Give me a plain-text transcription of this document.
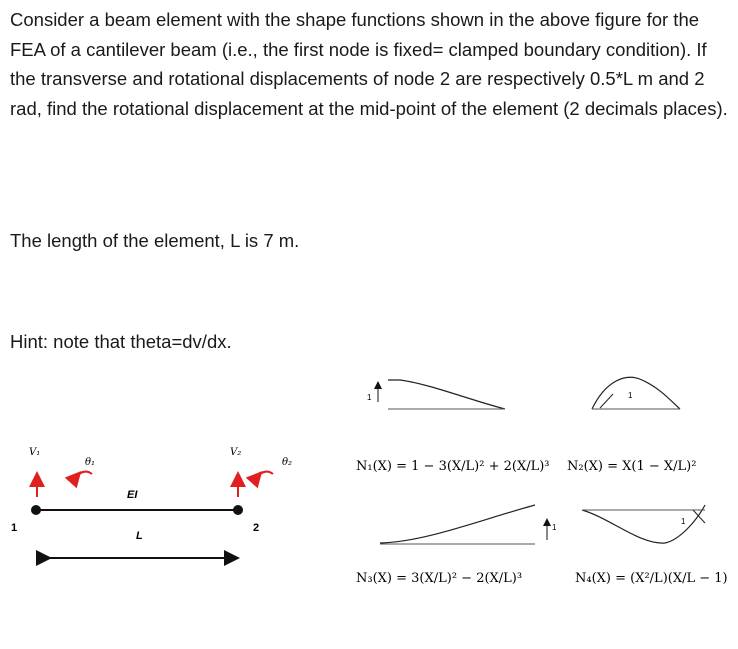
Consider a beam element with the shape functions shown in the above figure for the FEA of a cantilever beam (i.e., the first node is fixed= clamped boundary condition). If the transverse and rotational displacements of node 2 are respectively 0.5*L m and 2 rad, find the rotational displacement at the mid-point of the element (2 decimals places).

The length of the element, L is 7 m.

Hint: note that theta=dv/dx.

V₁
θ₁
V₂
θ₂
EI
1	2
L
1
N₁(X) = 1 − 3(X/L)² + 2(X/L)³
1
N₂(X) = X(1 − X/L)²
1
N₃(X) = 3(X/L)² − 2(X/L)³
1
N₄(X) = (X²/L)(X/L − 1)
